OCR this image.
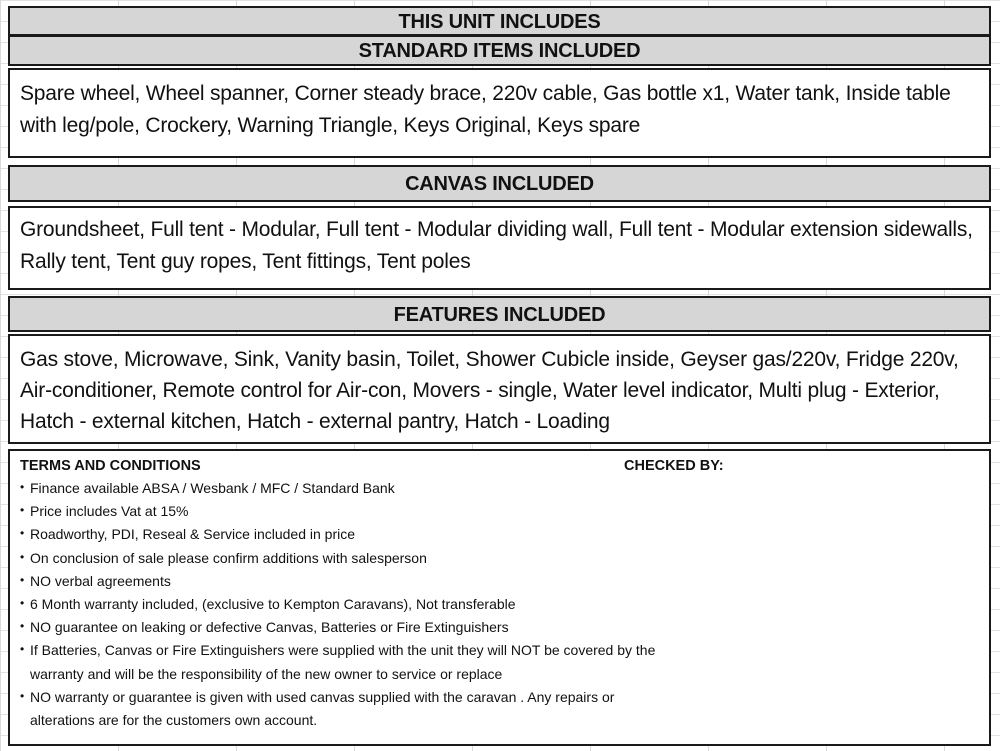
THIS UNIT INCLUDES
STANDARD ITEMS INCLUDED
Spare wheel, Wheel spanner, Corner steady brace, 220v cable, Gas bottle x1, Water tank, Inside table with leg/pole, Crockery, Warning Triangle, Keys Original, Keys spare
CANVAS INCLUDED
Groundsheet, Full tent - Modular, Full tent - Modular dividing wall, Full tent - Modular extension sidewalls, Rally tent, Tent guy ropes, Tent fittings, Tent poles
FEATURES INCLUDED
Gas stove, Microwave, Sink, Vanity basin, Toilet, Shower Cubicle inside, Geyser gas/220v, Fridge 220v, Air-conditioner, Remote control for Air-con, Movers - single, Water level indicator, Multi plug - Exterior, Hatch - external kitchen, Hatch - external pantry, Hatch - Loading
TERMS AND CONDITIONS	CHECKED BY:
• Finance available ABSA / Wesbank / MFC / Standard Bank
• Price includes Vat at 15%
• Roadworthy, PDI, Reseal & Service included in price
• On conclusion of sale please confirm additions with salesperson
• NO verbal agreements
• 6 Month warranty included, (exclusive to Kempton Caravans), Not transferable
• NO guarantee on leaking or defective Canvas, Batteries or Fire Extinguishers
• If Batteries, Canvas or Fire Extinguishers were supplied with the unit they will NOT be covered by the
warranty and will be the responsibility of the new owner to service or replace
• NO warranty or guarantee is given with used canvas supplied with the caravan . Any repairs or
alterations are for the customers own account.
